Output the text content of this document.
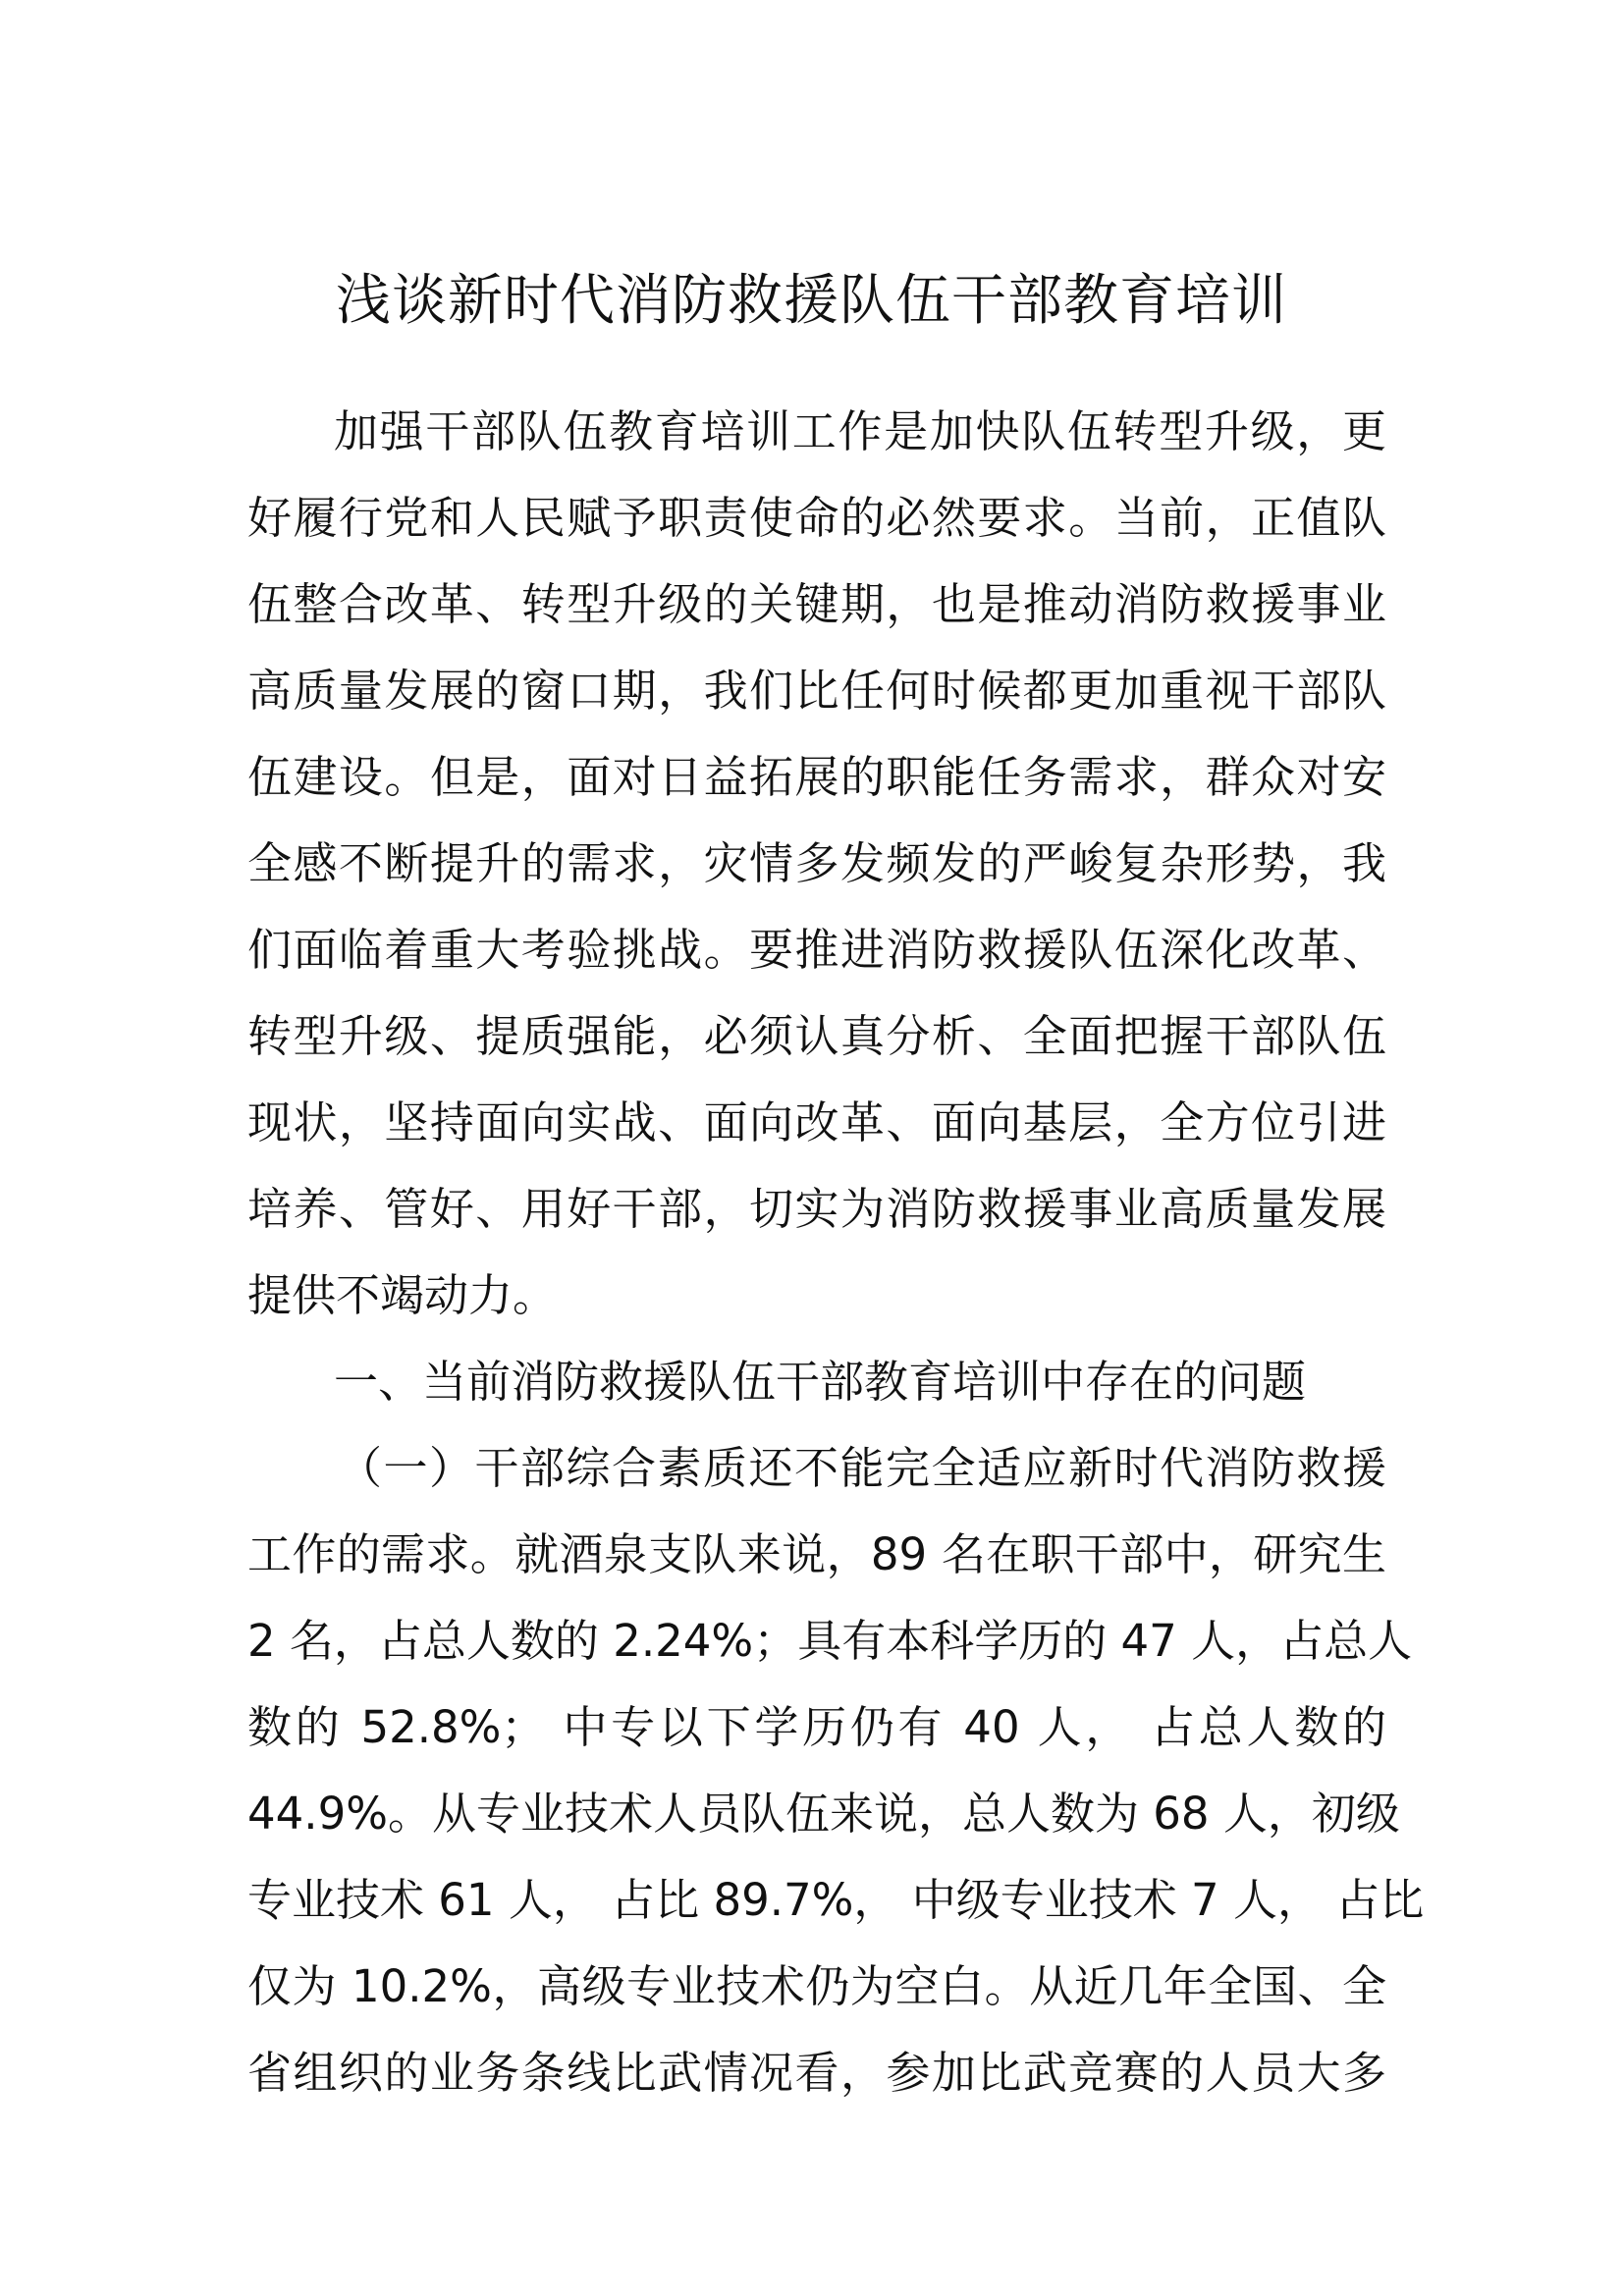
浅谈新时代消防救援队伍干部教育培训
加强干部队伍教育培训工作是加快队伍转型升级，更
好履行党和人民赋予职责使命的必然要求。当前，正值队
伍整合改革、转型升级的关键期，也是推动消防救援事业
高质量发展的窗口期，我们比任何时候都更加重视干部队
伍建设。但是，面对日益拓展的职能任务需求，群众对安
全感不断提升的需求，灾情多发频发的严峻复杂形势，我
们面临着重大考验挑战。要推进消防救援队伍深化改革、
转型升级、提质强能，必须认真分析、全面把握干部队伍
现状，坚持面向实战、面向改革、面向基层，全方位引进
培养、管好、用好干部，切实为消防救援事业高质量发展
提供不竭动力。
一、当前消防救援队伍干部教育培训中存在的问题
（一）干部综合素质还不能完全适应新时代消防救援
工作的需求。就酒泉支队来说，89 名在职干部中，研究生
2 名，占总人数的 2.24%；具有本科学历的 47 人，占总人
数的 52.8%； 中专以下学历仍有 40 人， 占总人数的
44.9%。从专业技术人员队伍来说，总人数为 68 人，初级
专业技术 61 人， 占比 89.7%， 中级专业技术 7 人， 占比
仅为 10.2%，高级专业技术仍为空白。从近几年全国、全
省组织的业务条线比武情况看，参加比武竞赛的人员大多
